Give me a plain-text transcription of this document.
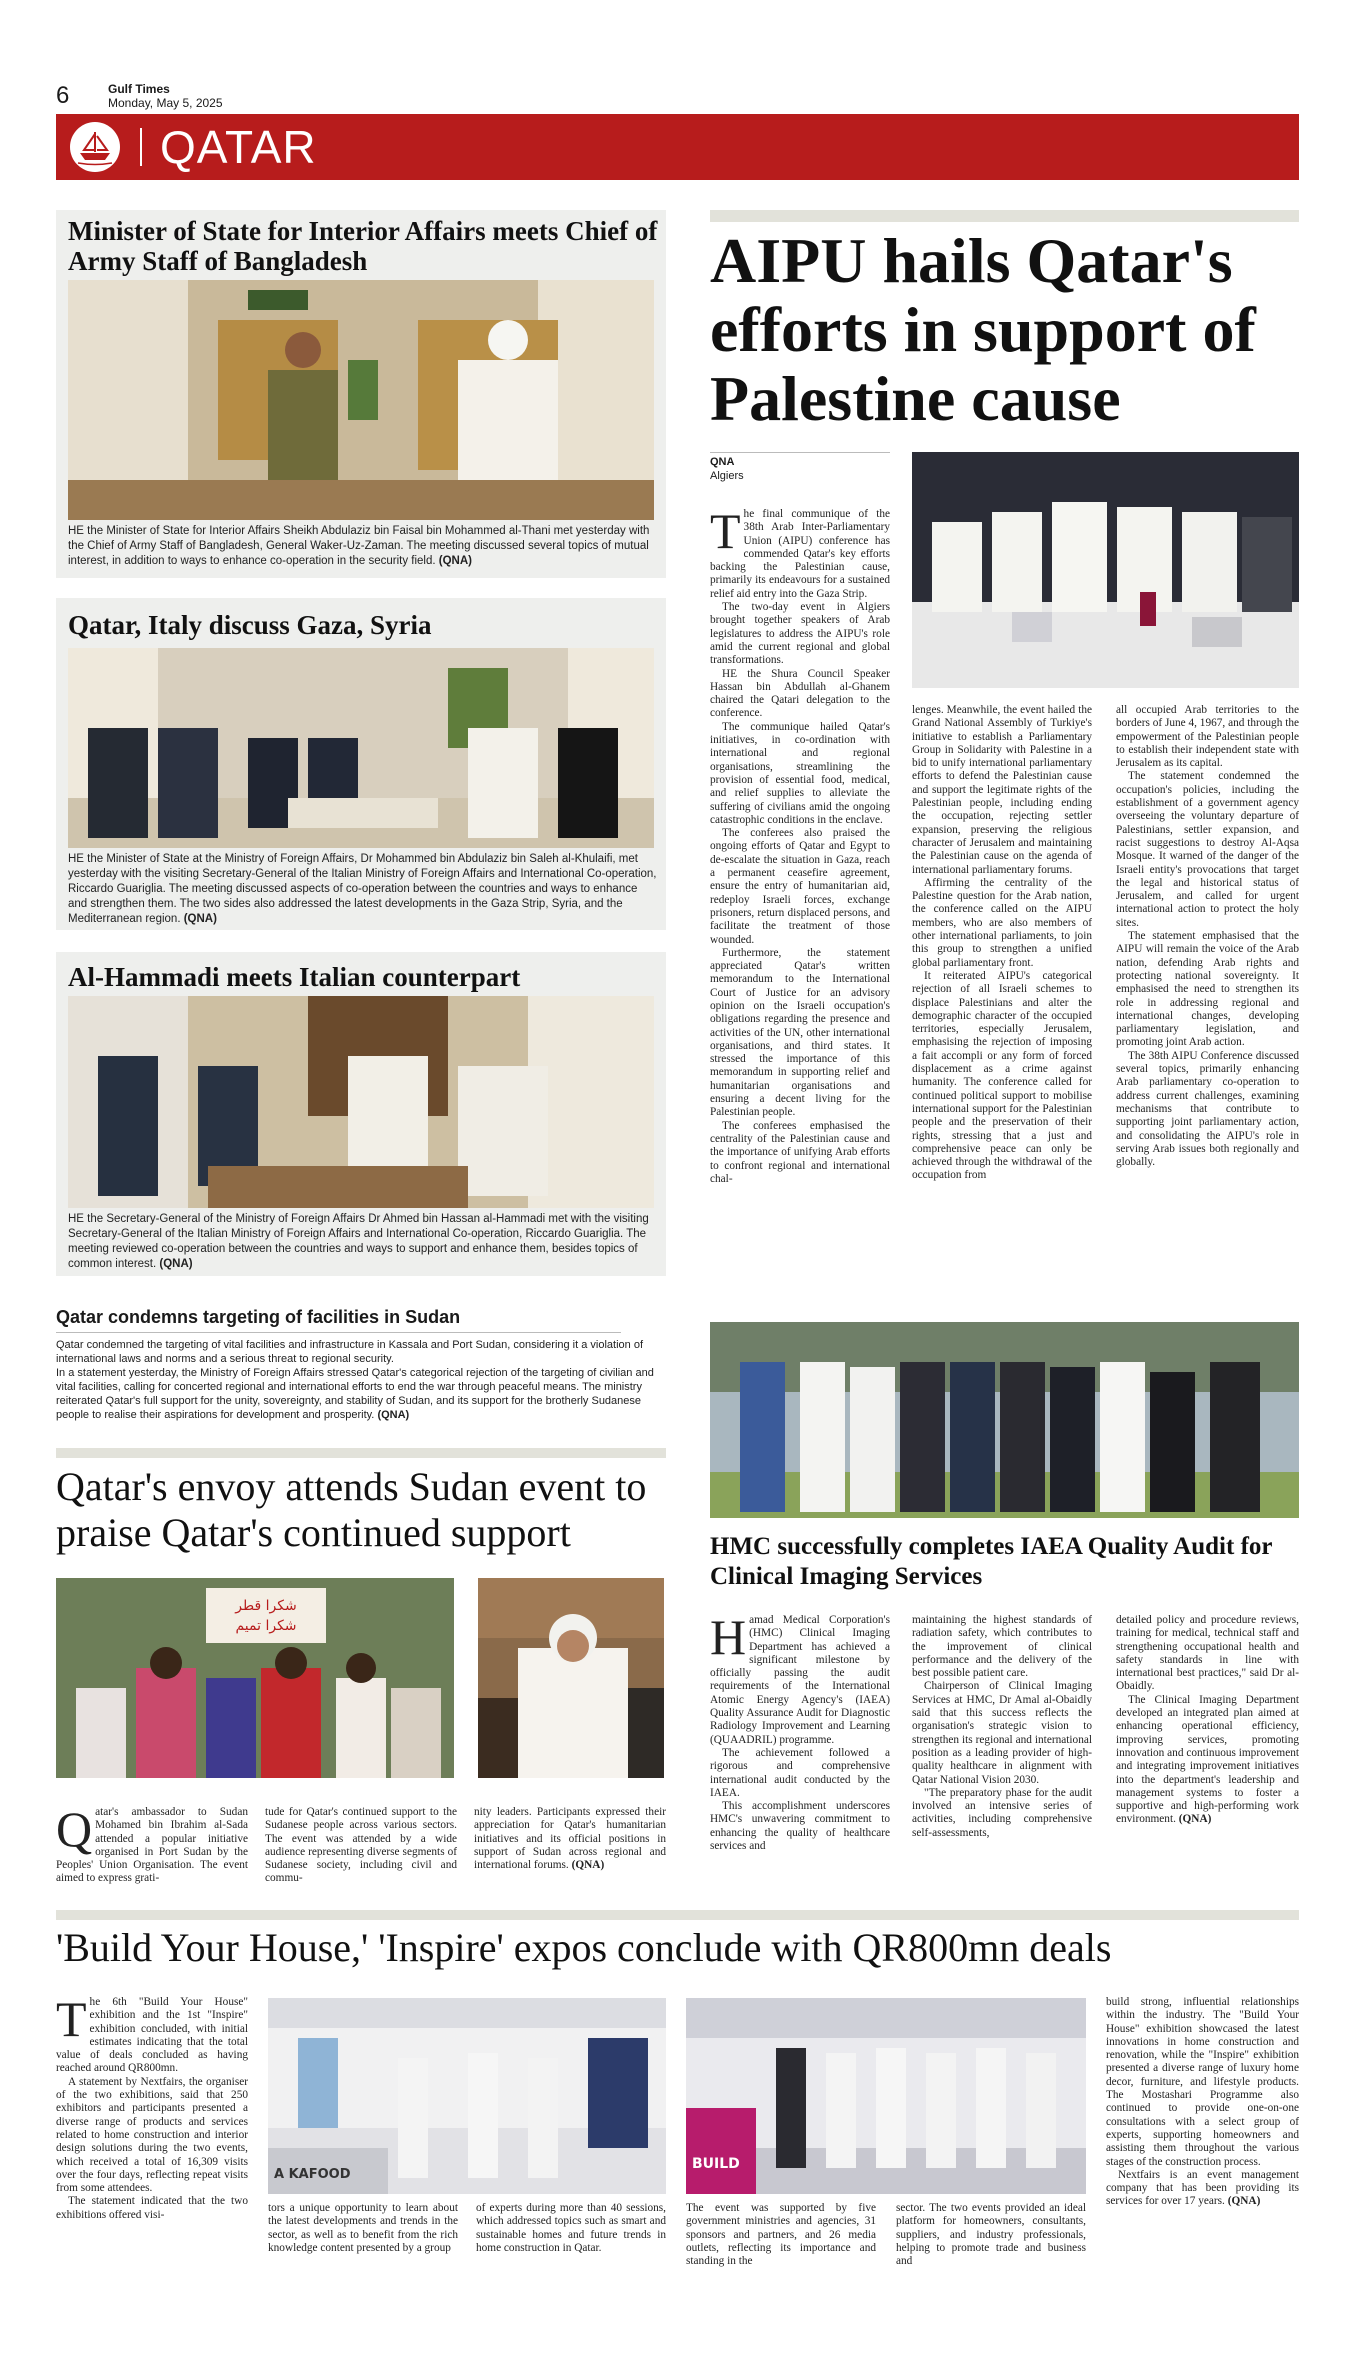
6	Gulf Times
Monday, May 5, 2025
QATAR
Minister of State for Interior Affairs meets Chief of Army Staff of Bangladesh
HE the Minister of State for Interior Affairs Sheikh Abdulaziz bin Faisal bin Mohammed al-Thani met yesterday with the Chief of Army Staff of Bangladesh, General Waker-Uz-Zaman. The meeting discussed several topics of mutual interest, in addition to ways to enhance co-operation in the security field. (QNA)
Qatar, Italy discuss Gaza, Syria
HE the Minister of State at the Ministry of Foreign Affairs, Dr Mohammed bin Abdulaziz bin Saleh al-Khulaifi, met yesterday with the visiting Secretary-General of the Italian Ministry of Foreign Affairs and International Co-operation, Riccardo Guariglia. The meeting discussed aspects of co-operation between the countries and ways to enhance and strengthen them. The two sides also addressed the latest developments in the Gaza Strip, Syria, and the Mediterranean region. (QNA)
Al-Hammadi meets Italian counterpart
HE the Secretary-General of the Ministry of Foreign Affairs Dr Ahmed bin Hassan al-Hammadi met with the visiting Secretary-General of the Italian Ministry of Foreign Affairs and International Co-operation, Riccardo Guariglia. The meeting reviewed co-operation between the countries and ways to support and enhance them, besides topics of common interest. (QNA)
Qatar condemns targeting of facilities in Sudan
Qatar condemned the targeting of vital facilities and infrastructure in Kassala and Port Sudan, considering it a violation of international laws and norms and a serious threat to regional security.
In a statement yesterday, the Ministry of Foreign Affairs stressed Qatar's categorical rejection of the targeting of civilian and vital facilities, calling for concerted regional and international efforts to end the war through peaceful means. The ministry reiterated Qatar's full support for the unity, sovereignty, and stability of Sudan, and its support for the brotherly Sudanese people to realise their aspirations for development and prosperity. (QNA)
Qatar's envoy attends Sudan event to praise Qatar's continued support
شكرا قطر
شكرا تميم

Qatar's ambassador to Sudan Mohamed bin Ibrahim al-Sada attended a popular initiative organised in Port Sudan by the Peoples' Union Organisation. The event aimed to express grati-

tude for Qatar's continued support to the Sudanese people across various sectors. The event was attended by a wide audience representing diverse segments of Sudanese society, including civil and commu-

nity leaders. Participants expressed their appreciation for Qatar's humanitarian initiatives and its official positions in support of Sudan across regional and international forums. (QNA)
AIPU hails Qatar's efforts in support of Palestine cause
QNA
Algiers

The final communique of the 38th Arab Inter-Parliamentary Union (AIPU) conference has commended Qatar's key efforts backing the Palestinian cause, primarily its endeavours for a sustained relief aid entry into the Gaza Strip.

The two-day event in Algiers brought together speakers of Arab legislatures to address the AIPU's role amid the current regional and global transformations.

HE the Shura Council Speaker Hassan bin Abdullah al-Ghanem chaired the Qatari delegation to the conference.

The communique hailed Qatar's initiatives, in co-ordination with international and regional organisations, streamlining the provision of essential food, medical, and relief supplies to alleviate the suffering of civilians amid the ongoing catastrophic conditions in the enclave.

The conferees also praised the ongoing efforts of Qatar and Egypt to de-escalate the situation in Gaza, reach a permanent ceasefire agreement, ensure the entry of humanitarian aid, redeploy Israeli forces, exchange prisoners, return displaced persons, and facilitate the treatment of those wounded.

Furthermore, the statement appreciated Qatar's written memorandum to the International Court of Justice for an advisory opinion on the Israeli occupation's obligations regarding the presence and activities of the UN, other international organisations, and third states. It stressed the importance of this memorandum in supporting relief and humanitarian organisations and ensuring a decent living for the Palestinian people.

The conferees emphasised the centrality of the Palestinian cause and the importance of unifying Arab efforts to confront regional and international chal-

lenges. Meanwhile, the event hailed the Grand National Assembly of Turkiye's initiative to establish a Parliamentary Group in Solidarity with Palestine in a bid to unify international parliamentary efforts to defend the Palestinian cause and support the legitimate rights of the Palestinian people, including ending the occupation, rejecting settler expansion, preserving the religious character of Jerusalem and maintaining the Palestinian cause on the agenda of international parliamentary forums.

Affirming the centrality of the Palestine question for the Arab nation, the conference called on the AIPU members, who are also members of other international parliaments, to join this group to strengthen a unified global parliamentary front.

It reiterated AIPU's categorical rejection of all Israeli schemes to displace Palestinians and alter the demographic character of the occupied territories, especially Jerusalem, emphasising the rejection of imposing a fait accompli or any form of forced displacement as a crime against humanity. The conference called for continued political support to mobilise international support for the Palestinian people and the preservation of their rights, stressing that a just and comprehensive peace can only be achieved through the withdrawal of the occupation from

all occupied Arab territories to the borders of June 4, 1967, and through the empowerment of the Palestinian people to establish their independent state with Jerusalem as its capital.

The statement condemned the occupation's policies, including the establishment of a government agency overseeing the voluntary departure of Palestinians, settler expansion, and racist suggestions to destroy Al-Aqsa Mosque. It warned of the danger of the Israeli entity's provocations that target the legal and historical status of Jerusalem, and called for urgent international action to protect the holy sites.

The statement emphasised that the AIPU will remain the voice of the Arab nation, defending Arab rights and protecting national sovereignty. It emphasised the need to strengthen its role in addressing regional and international changes, developing parliamentary legislation, and promoting joint Arab action.

The 38th AIPU Conference discussed several topics, primarily enhancing Arab parliamentary co-operation to address current challenges, examining mechanisms that contribute to supporting joint parliamentary action, and consolidating the AIPU's role in serving Arab issues both regionally and globally.

HMC successfully completes IAEA Quality Audit for Clinical Imaging Services

Hamad Medical Corporation's (HMC) Clinical Imaging Department has achieved a significant milestone by officially passing the audit requirements of the International Atomic Energy Agency's (IAEA) Quality Assurance Audit for Diagnostic Radiology Improvement and Learning (QUAADRIL) programme.

The achievement followed a rigorous and comprehensive international audit conducted by the IAEA.

This accomplishment underscores HMC's unwavering commitment to enhancing the quality of healthcare services and

maintaining the highest standards of radiation safety, which contributes to the improvement of clinical performance and the delivery of the best possible patient care.

Chairperson of Clinical Imaging Services at HMC, Dr Amal al-Obaidly said that this success reflects the organisation's strategic vision to strengthen its regional and international position as a leading provider of high-quality healthcare in alignment with Qatar National Vision 2030.

"The preparatory phase for the audit involved an intensive series of activities, including comprehensive self-assessments,

detailed policy and procedure reviews, training for medical, technical staff and strengthening occupational health and safety standards in line with international best practices," said Dr al-Obaidly.

The Clinical Imaging Department developed an integrated plan aimed at enhancing operational efficiency, improving services, promoting innovation and continuous improvement and integrating improvement initiatives into the department's leadership and management systems to foster a supportive and high-performing work environment. (QNA)

'Build Your House,' 'Inspire' expos conclude with QR800mn deals

The 6th "Build Your House" exhibition and the 1st "Inspire" exhibition concluded, with initial estimates indicating that the total value of deals concluded as having reached around QR800mn.

A statement by Nextfairs, the organiser of the two exhibitions, said that 250 exhibitors and participants presented a diverse range of products and services related to home construction and interior design solutions during the two events, which received a total of 16,309 visits over the four days, reflecting repeat visits from some attendees.

The statement indicated that the two exhibitions offered visi-

A KAFOOD

tors a unique opportunity to learn about the latest developments and trends in the sector, as well as to benefit from the rich knowledge content presented by a group

of experts during more than 40 sessions, which addressed topics such as smart and sustainable homes and future trends in home construction in Qatar.

BUILD

The event was supported by five government ministries and agencies, 31 sponsors and partners, and 26 media outlets, reflecting its importance and standing in the

sector. The two events provided an ideal platform for homeowners, consultants, suppliers, and industry professionals, helping to promote trade and business and

build strong, influential relationships within the industry. The "Build Your House" exhibition showcased the latest innovations in home construction and renovation, while the "Inspire" exhibition presented a diverse range of luxury home decor, furniture, and lifestyle products. The Mostashari Programme also continued to provide one-on-one consultations with a select group of experts, supporting homeowners and assisting them throughout the various stages of the construction process.

Nextfairs is an event management company that has been providing its services for over 17 years. (QNA)
